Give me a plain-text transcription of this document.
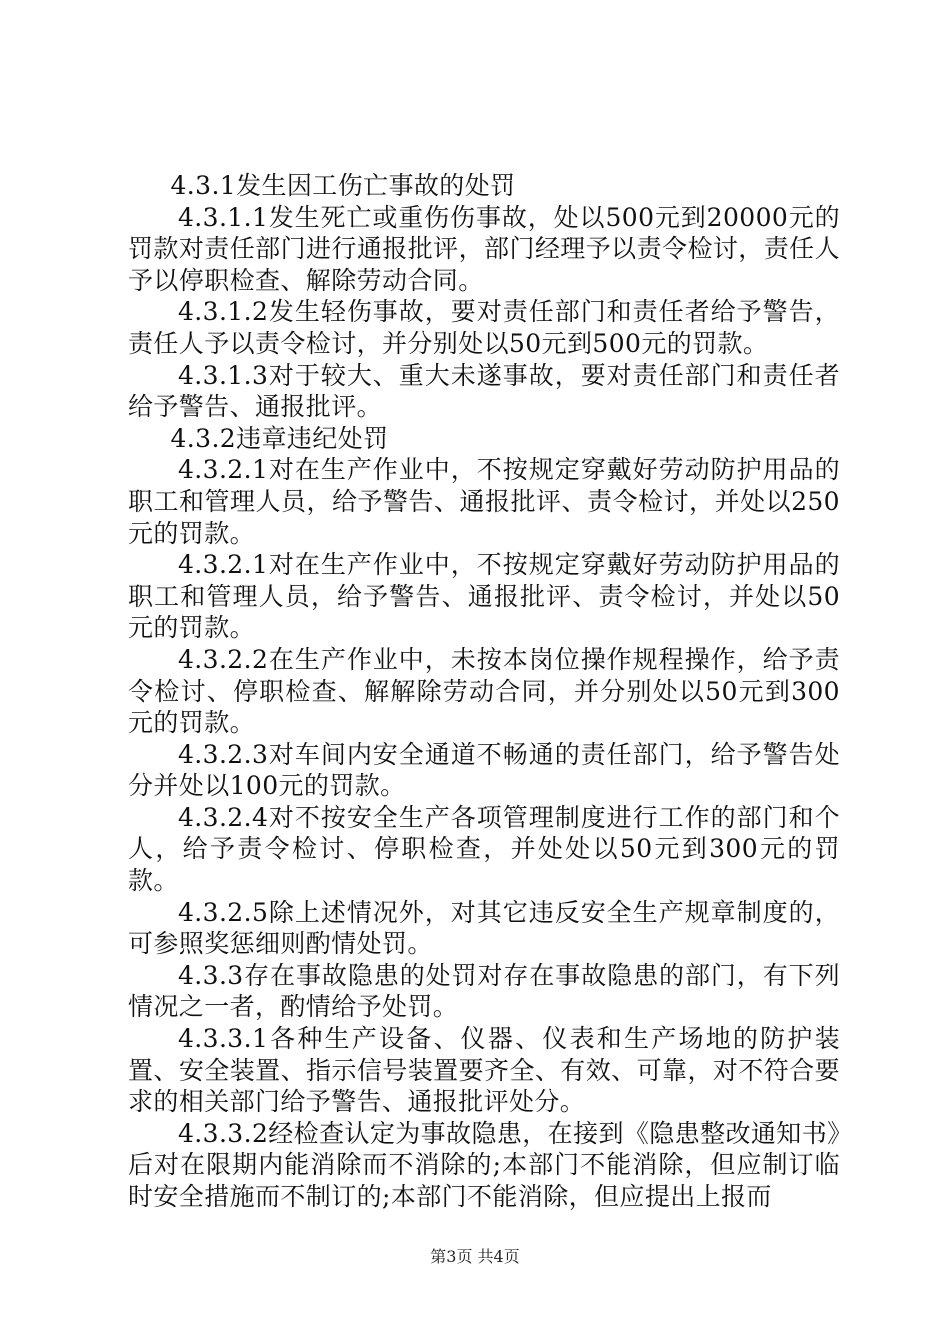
4.3.1发生因工伤亡事故的处罚

4.3.1.1发生死亡或重伤伤事故，处以500元到20000元的罚款对责任部门进行通报批评，部门经理予以责令检讨，责任人予以停职检查、解除劳动合同。

4.3.1.2发生轻伤事故，要对责任部门和责任者给予警告，责任人予以责令检讨，并分别处以50元到500元的罚款。

4.3.1.3对于较大、重大未遂事故，要对责任部门和责任者给予警告、通报批评。

4.3.2违章违纪处罚

4.3.2.1对在生产作业中，不按规定穿戴好劳动防护用品的职工和管理人员，给予警告、通报批评、责令检讨，并处以250元的罚款。

4.3.2.1对在生产作业中，不按规定穿戴好劳动防护用品的职工和管理人员，给予警告、通报批评、责令检讨，并处以50元的罚款。

4.3.2.2在生产作业中，未按本岗位操作规程操作，给予责令检讨、停职检查、解解除劳动合同，并分别处以50元到300元的罚款。

4.3.2.3对车间内安全通道不畅通的责任部门，给予警告处分并处以100元的罚款。

4.3.2.4对不按安全生产各项管理制度进行工作的部门和个人，给予责令检讨、停职检查，并处处以50元到300元的罚款。

4.3.2.5除上述情况外，对其它违反安全生产规章制度的，可参照奖惩细则酌情处罚。

4.3.3存在事故隐患的处罚对存在事故隐患的部门，有下列情况之一者，酌情给予处罚。

4.3.3.1各种生产设备、仪器、仪表和生产场地的防护装置、安全装置、指示信号装置要齐全、有效、可靠，对不符合要求的相关部门给予警告、通报批评处分。

4.3.3.2经检查认定为事故隐患，在接到《隐患整改通知书》后对在限期内能消除而不消除的;本部门不能消除，但应制订临时安全措施而不制订的;本部门不能消除，但应提出上报而

第3页 共4页
